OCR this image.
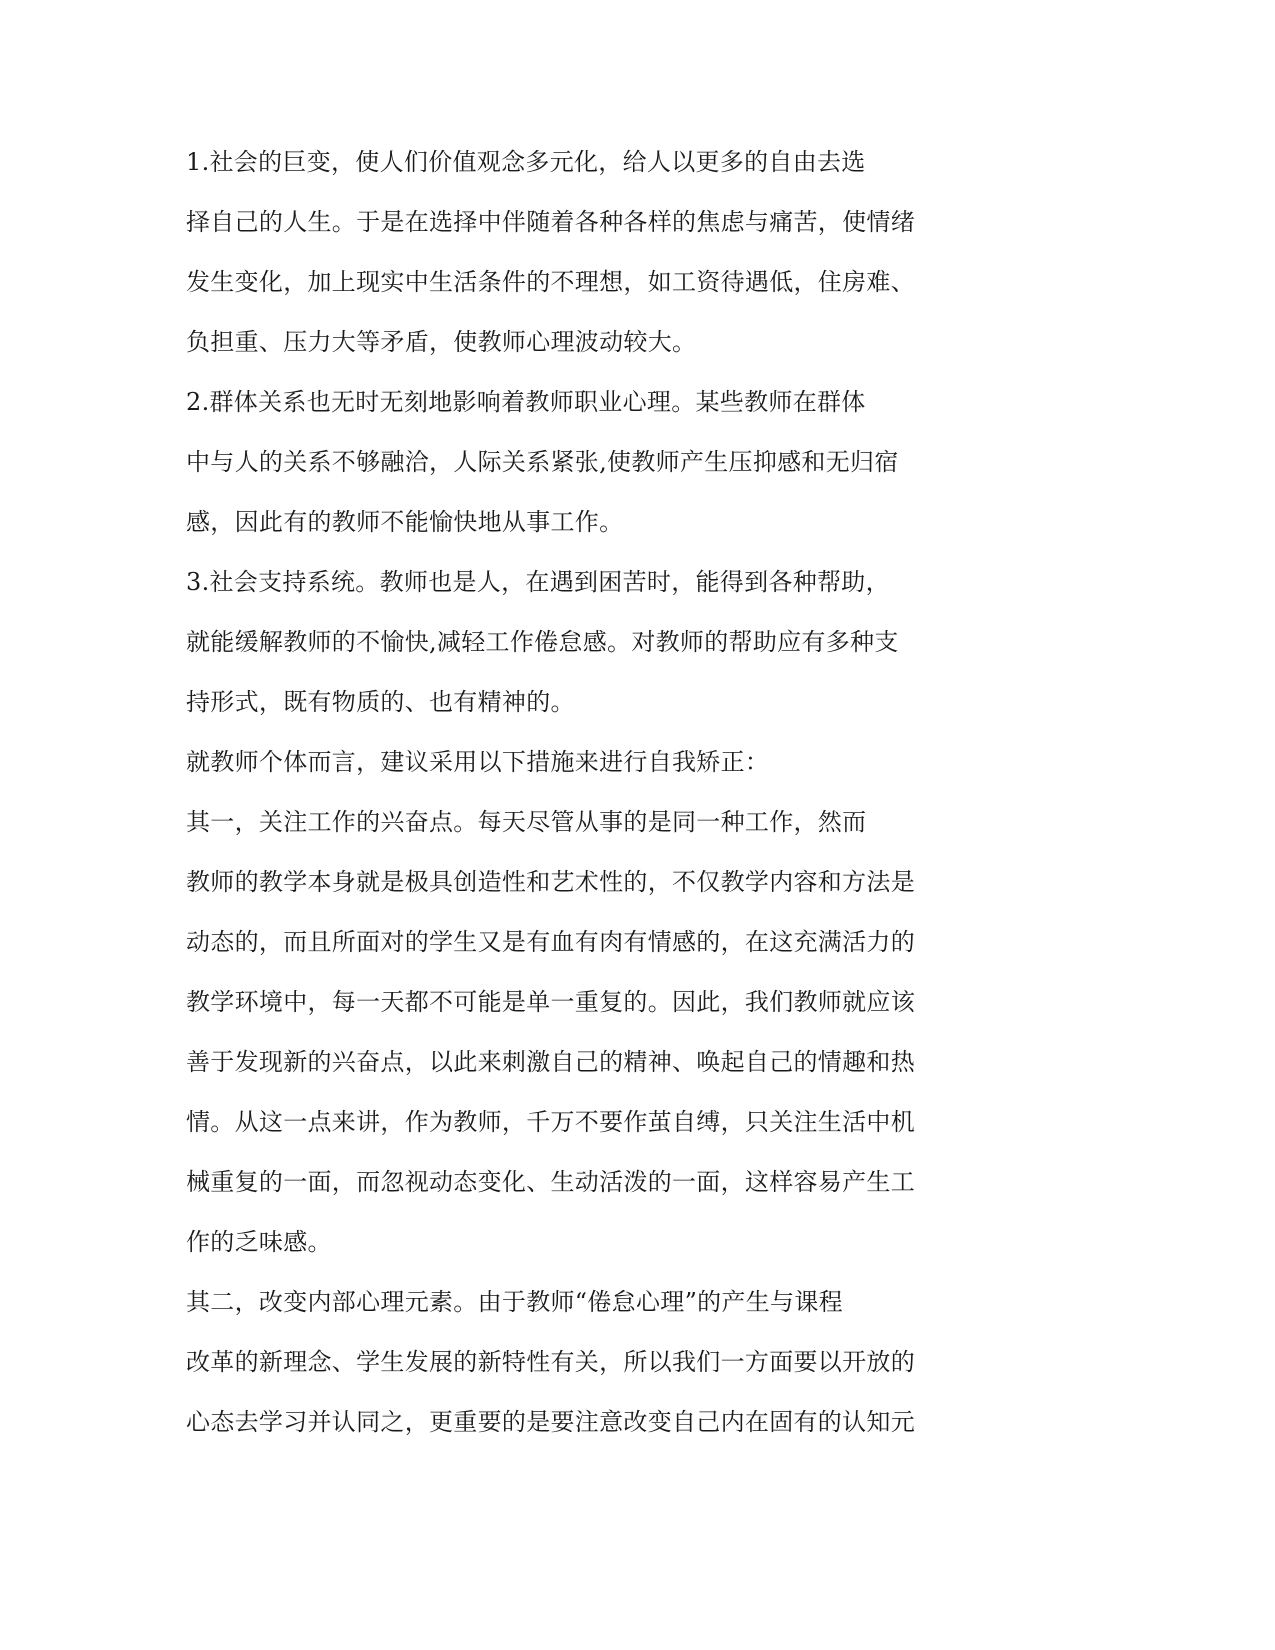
1.社会的巨变，使人们价值观念多元化，给人以更多的自由去选

择自己的人生。于是在选择中伴随着各种各样的焦虑与痛苦，使情绪

发生变化，加上现实中生活条件的不理想，如工资待遇低，住房难、

负担重、压力大等矛盾，使教师心理波动较大。

2.群体关系也无时无刻地影响着教师职业心理。某些教师在群体

中与人的关系不够融洽，人际关系紧张,使教师产生压抑感和无归宿

感，因此有的教师不能愉快地从事工作。

3.社会支持系统。教师也是人，在遇到困苦时，能得到各种帮助，

就能缓解教师的不愉快,减轻工作倦怠感。对教师的帮助应有多种支

持形式，既有物质的、也有精神的。

就教师个体而言，建议采用以下措施来进行自我矫正：

其一，关注工作的兴奋点。每天尽管从事的是同一种工作，然而

教师的教学本身就是极具创造性和艺术性的，不仅教学内容和方法是

动态的，而且所面对的学生又是有血有肉有情感的，在这充满活力的

教学环境中，每一天都不可能是单一重复的。因此，我们教师就应该

善于发现新的兴奋点，以此来刺激自己的精神、唤起自己的情趣和热

情。从这一点来讲，作为教师，千万不要作茧自缚，只关注生活中机

械重复的一面，而忽视动态变化、生动活泼的一面，这样容易产生工

作的乏味感。

其二，改变内部心理元素。由于教师“倦怠心理”的产生与课程

改革的新理念、学生发展的新特性有关，所以我们一方面要以开放的

心态去学习并认同之，更重要的是要注意改变自己内在固有的认知元
